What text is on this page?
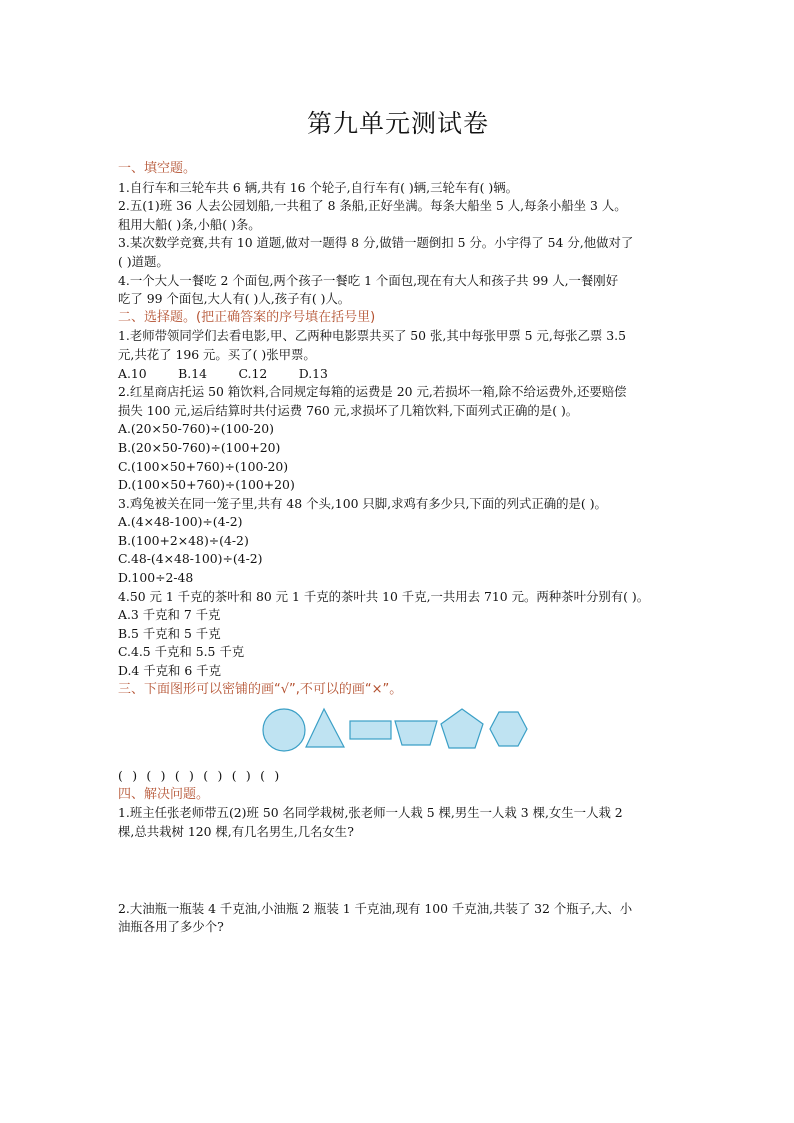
第九单元测试卷
一、填空题。
1.自行车和三轮车共 6 辆,共有 16 个轮子,自行车有( )辆,三轮车有( )辆。
2.五(1)班 36 人去公园划船,一共租了 8 条船,正好坐满。每条大船坐 5 人,每条小船坐 3 人。
租用大船( )条,小船( )条。
3.某次数学竞赛,共有 10 道题,做对一题得 8 分,做错一题倒扣 5 分。小宇得了 54 分,他做对了
( )道题。
4.一个大人一餐吃 2 个面包,两个孩子一餐吃 1 个面包,现在有大人和孩子共 99 人,一餐刚好
吃了 99 个面包,大人有( )人,孩子有( )人。
二、选择题。(把正确答案的序号填在括号里)
1.老师带领同学们去看电影,甲、乙两种电影票共买了 50 张,其中每张甲票 5 元,每张乙票 3.5
元,共花了 196 元。买了( )张甲票。
A.10        B.14        C.12        D.13
2.红星商店托运 50 箱饮料,合同规定每箱的运费是 20 元,若损坏一箱,除不给运费外,还要赔偿
损失 100 元,运后结算时共付运费 760 元,求损坏了几箱饮料,下面列式正确的是( )。
A.(20×50-760)÷(100-20)
B.(20×50-760)÷(100+20)
C.(100×50+760)÷(100-20)
D.(100×50+760)÷(100+20)
3.鸡兔被关在同一笼子里,共有 48 个头,100 只脚,求鸡有多少只,下面的列式正确的是( )。
A.(4×48-100)÷(4-2)
B.(100+2×48)÷(4-2)
C.48-(4×48-100)÷(4-2)
D.100÷2-48
4.50 元 1 千克的茶叶和 80 元 1 千克的茶叶共 10 千克,一共用去 710 元。两种茶叶分别有( )。
A.3 千克和 7 千克
B.5 千克和 5 千克
C.4.5 千克和 5.5 千克
D.4 千克和 6 千克
三、下面图形可以密铺的画“√”,不可以的画“×”。
(  )  (  )  (  )  (  )  (  )  (  )
四、解决问题。
1.班主任张老师带五(2)班 50 名同学栽树,张老师一人栽 5 棵,男生一人栽 3 棵,女生一人栽 2
棵,总共栽树 120 棵,有几名男生,几名女生?
2.大油瓶一瓶装 4 千克油,小油瓶 2 瓶装 1 千克油,现有 100 千克油,共装了 32 个瓶子,大、小
油瓶各用了多少个?
